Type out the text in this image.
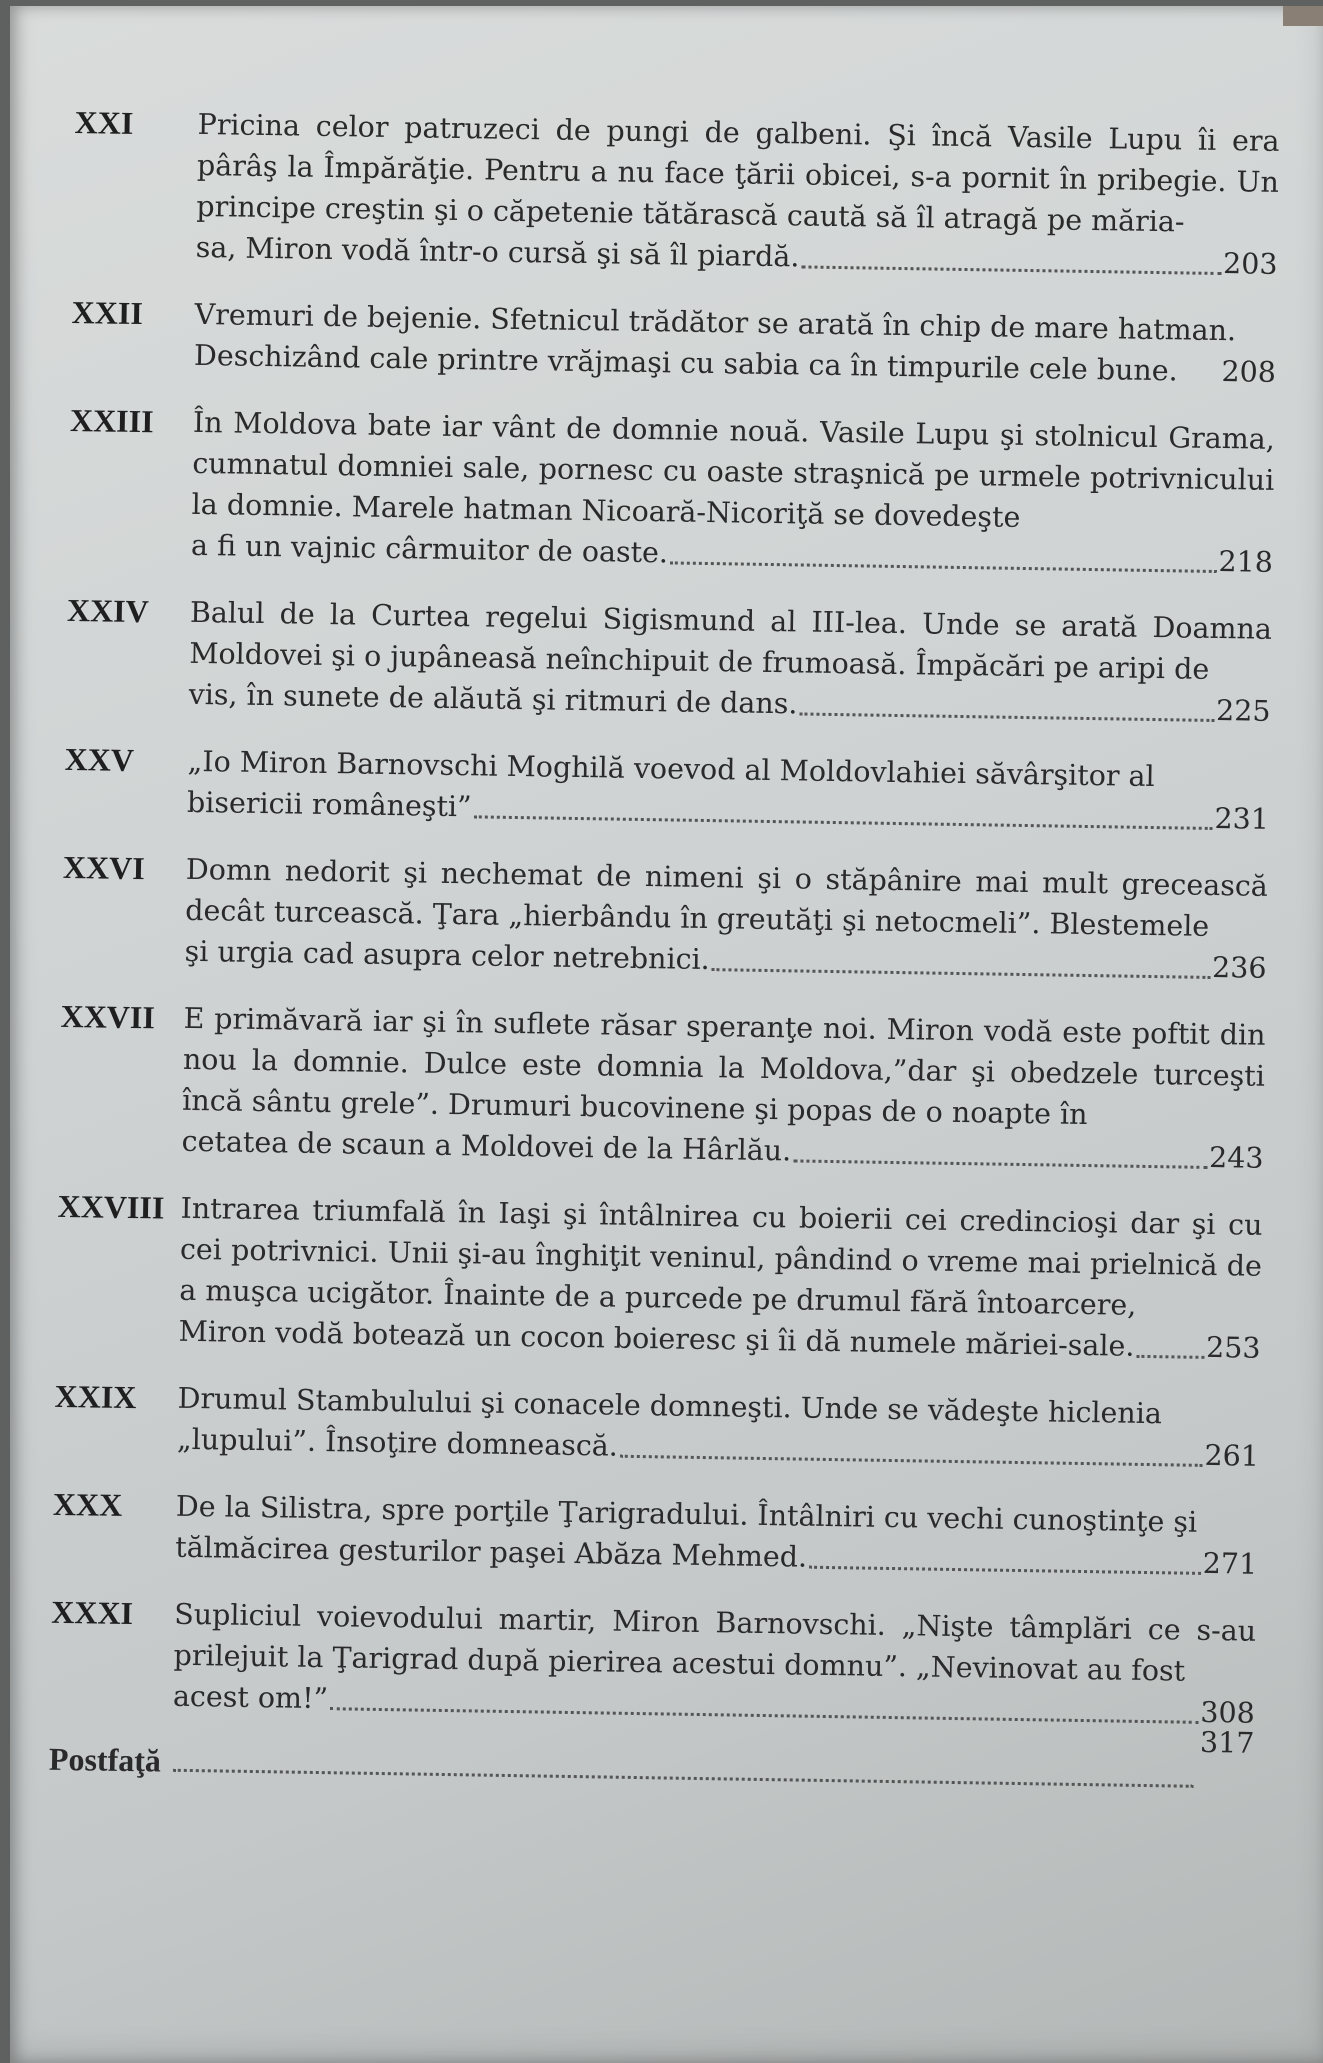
XXI	Pricina celor patruzeci de pungi de galbeni. Şi încă Vasile Lupu îi era pârâş la Împărăţie. Pentru a nu face ţării obicei, s-a pornit în pribegie. Un principe creştin şi o căpetenie tătărască caută să îl atragă pe măria-
sa, Miron vodă într-o cursă şi să îl piardă.	203
XXII	Vremuri de bejenie. Sfetnicul trădător se arată în chip de mare hatman.
Deschizând cale printre vrăjmaşi cu sabia ca în timpurile cele bune. 208
XXIII	În Moldova bate iar vânt de domnie nouă. Vasile Lupu şi stolnicul Grama, cumnatul domniei sale, pornesc cu oaste straşnică pe urmele potrivnicului la domnie. Marele hatman Nicoară-Nicoriţă se dovedeşte
a fi un vajnic cârmuitor de oaste.	218
XXIV	Balul de la Curtea regelui Sigismund al III-lea. Unde se arată Doamna Moldovei şi o jupâneasă neînchipuit de frumoasă. Împăcări pe aripi de
vis, în sunete de alăută şi ritmuri de dans.	225
XXV	„Io Miron Barnovschi Moghilă voevod al Moldovlahiei săvârşitor al
bisericii româneşti”	231
XXVI	Domn nedorit şi nechemat de nimeni şi o stăpânire mai mult grecească decât turcească. Ţara „hierbându în greutăţi şi netocmeli”. Blestemele
şi urgia cad asupra celor netrebnici.	236
XXVII E primăvară iar şi în suflete răsar speranţe noi. Miron vodă este poftit din nou la domnie. Dulce este domnia la Moldova,”dar şi obedzele turceşti încă sântu grele”. Drumuri bucovinene şi popas de o noapte în
cetatea de scaun a Moldovei de la Hârlău.	243
XXVIII Intrarea triumfală în Iaşi şi întâlnirea cu boierii cei credincioşi dar şi cu cei potrivnici. Unii şi-au înghiţit veninul, pândind o vreme mai prielnică de a muşca ucigător. Înainte de a purcede pe drumul fără întoarcere,
Miron vodă botează un cocon boieresc şi îi dă numele măriei-sale. 253
XXIX	Drumul Stambulului şi conacele domneşti. Unde se vădeşte hiclenia
„lupului”. Însoţire domnească.	261
XXX	De la Silistra, spre porţile Ţarigradului. Întâlniri cu vechi cunoştinţe şi
tălmăcirea gesturilor paşei Abăza Mehmed.	271
XXXI	Supliciul voievodului martir, Miron Barnovschi. „Nişte tâmplări ce s-au prilejuit la Ţarigrad după pierirea acestui domnu”. „Nevinovat au fost
acest om!”	308
Postfaţă	317
